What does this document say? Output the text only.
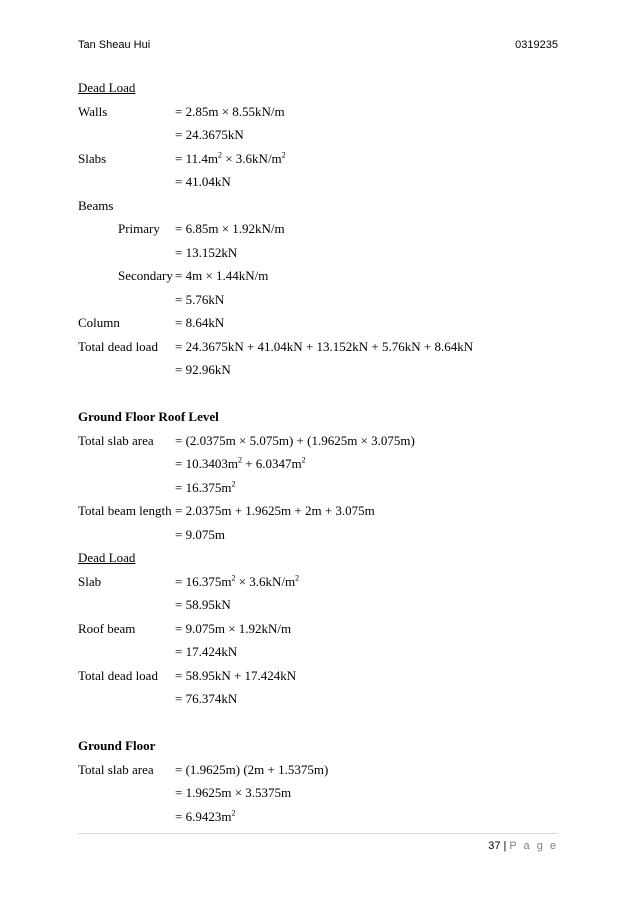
Tan Sheau Hui	0319235
Dead Load
Walls	= 2.85m × 8.55kN/m
= 24.3675kN
Slabs	= $11.4m^2 \times 3.6kN/m^2$
= 41.04kN
Beams
Primary = 6.85m × 1.92kN/m
= 13.152kN
Secondary = 4m × 1.44kN/m
= 5.76kN
Column	= 8.64kN
Total dead load = 24.3675kN + 41.04kN + 13.152kN + 5.76kN + 8.64kN
= 92.96kN
Ground Floor Roof Level
Total slab area = (2.0375m × 5.075m) + (1.9625m × 3.075m)
= $10.3403m^2 + 6.0347m^2$
= $16.375m^2$
Total beam length = 2.0375m + 1.9625m + 2m + 3.075m
= 9.075m
Dead Load
Slab	= $16.375m^2 \times 3.6kN/m^2$
= 58.95kN
Roof beam	= 9.075m × 1.92kN/m
= 17.424kN
Total dead load = 58.95kN + 17.424kN
= 76.374kN
Ground Floor
Total slab area = (1.9625m) (2m + 1.5375m)
= 1.9625m × 3.5375m
= $6.9423m^2$
37 | P a g e
